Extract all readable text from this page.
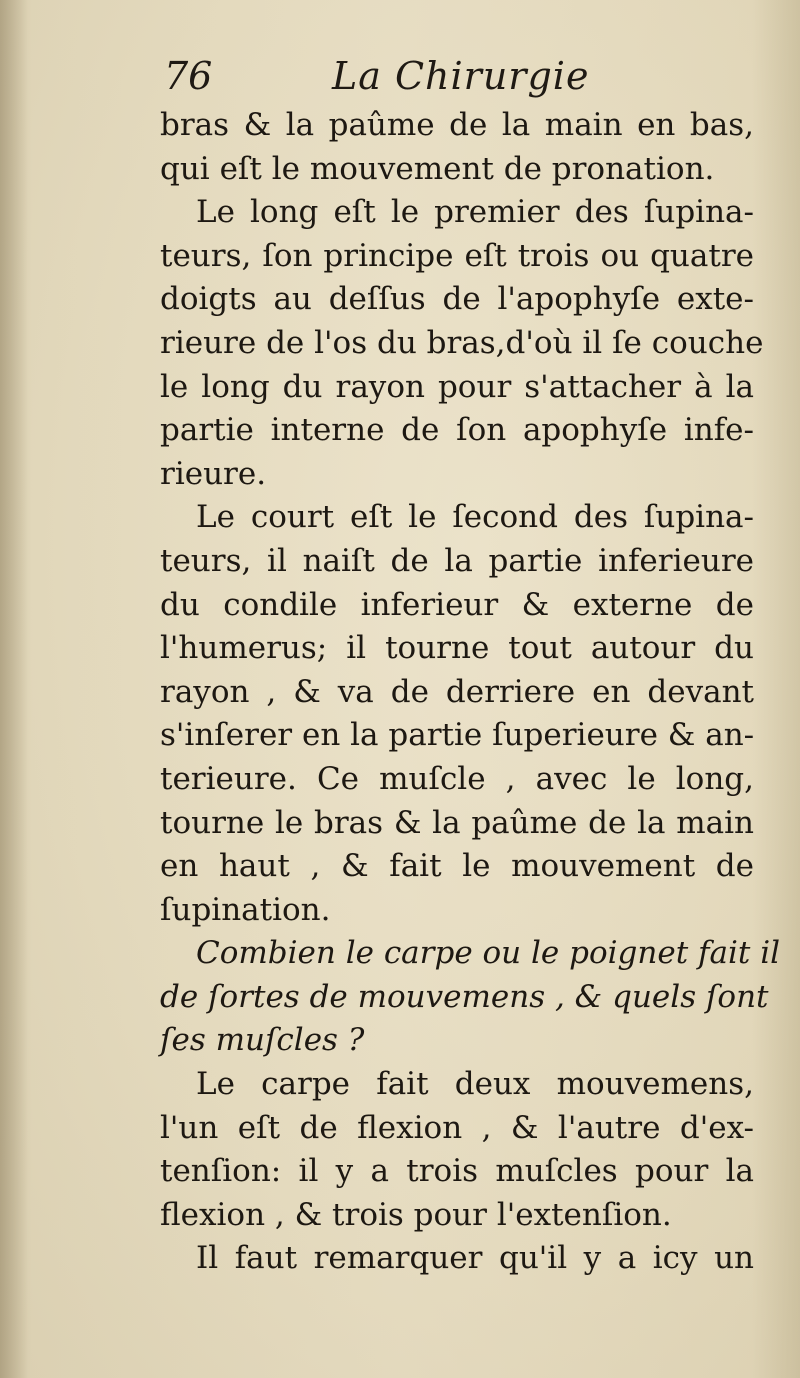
76	La Chirurgie
bras & la paûme de la main en bas,
qui eſt le mouvement de pronation.
Le long eſt le premier des ſupina-
teurs, ſon principe eſt trois ou quatre
doigts au deſſus de l'apophyſe exte-
rieure de l'os du bras,d'où il ſe couche
le long du rayon pour s'attacher à la
partie interne de ſon apophyſe infe-
rieure.
Le court eſt le ſecond des ſupina-
teurs, il naiſt de la partie inferieure
du condile inferieur & externe de
l'humerus; il tourne tout autour du
rayon , & va de derriere en devant
s'inſerer en la partie ſuperieure & an-
terieure. Ce muſcle , avec le long,
tourne le bras & la paûme de la main
en haut , & fait le mouvement de
ſupination.
Combien le carpe ou le poignet fait il
de ſortes de mouvemens , & quels ſont
ſes muſcles ?
Le carpe fait deux mouvemens,
l'un eſt de flexion , & l'autre d'ex-
tenſion: il y a trois muſcles pour la
flexion , & trois pour l'extenſion.
Il faut remarquer qu'il y a icy un
